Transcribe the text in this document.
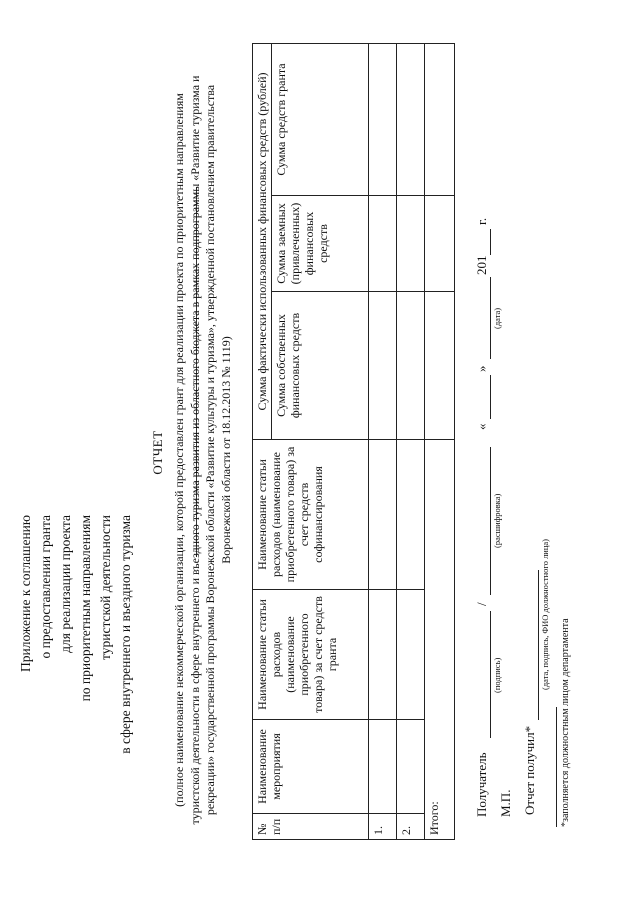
Приложение к соглашению о предоставлении гранта для реализации проекта по приоритетным направлениям туристской деятельности в сфере внутреннего и въездного туризма
ОТЧЕТ (полное наименование некоммерческой организации, которой предоставлен грант для реализации проекта по приоритетным направлениям туристской деятельности в сфере внутреннего и въездного туризма развития из областного бюджета в рамках подпрограммы «Развитие туризма и рекреации» государственной программы Воронежской области «Развитие культуры и туризма», утвержденной постановлением правительства Воронежской области от 18.12.2013 № 1119)
№ п/п	Наименование мероприятия	Наименование статьи расходов (наименование приобретенного товара) за счет средств гранта	Наименование статьи расходов (наименование приобретенного товара) за счет средств софинансирования	Сумма фактически использованных финансовых средств (рублей)		
				Сумма собственных финансовых средств	Сумма заемных (привлеченных) финансовых средств	Сумма средств гранта
1.						
2.						
Итого:						
Получатель
(подпись)
/
(расшифровка)
«
»
(дата)
201
г.
М.П. Отчет получил*
(дата, подпись, ФИО должностного лица)
*заполняется должностным лицом департамента
